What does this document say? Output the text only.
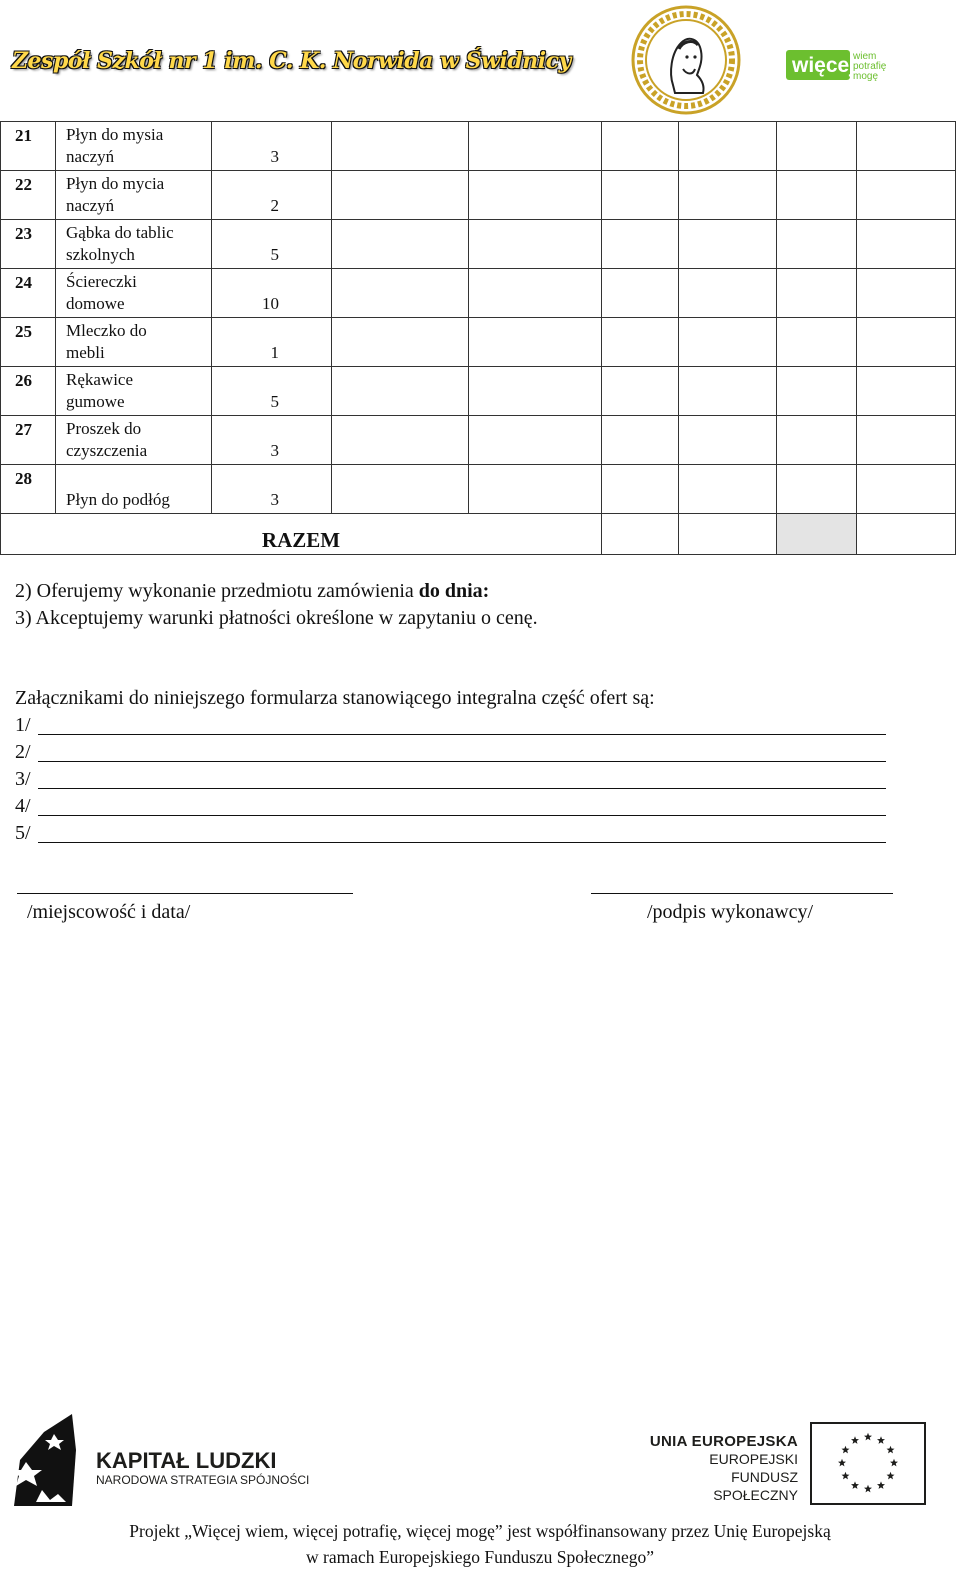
Zespół Szkół nr 1 im. C. K. Norwida w Świdnicy	więcej
wiem
potrafię
mogę
21	Płyn do mysia
naczyń	3						
22	Płyn do mycia
naczyń	2						
23	Gąbka do tablic
szkolnych	5						
24	Ściereczki
domowe	10						
25	Mleczko do
mebli	1						
26	Rękawice
gumowe	5						
27	Proszek do
czyszczenia	3						
28	Płyn do podłóg	3						
RAZEM								
2) Oferujemy wykonanie przedmiotu zamówienia do dnia:
3) Akceptujemy warunki płatności określone w zapytaniu o cenę.
Załącznikami do niniejszego formularza stanowiącego integralna część ofert są:
1/
2/
3/
4/
5/
/miejscowość i data/	/podpis wykonawcy/
KAPITAŁ LUDZKI
NARODOWA STRATEGIA SPÓJNOŚCI
UNIA EUROPEJSKA
EUROPEJSKI
FUNDUSZ SPOŁECZNY
Projekt „Więcej wiem, więcej potrafię, więcej mogę” jest współfinansowany przez Unię Europejską
w ramach Europejskiego Funduszu Społecznego”
